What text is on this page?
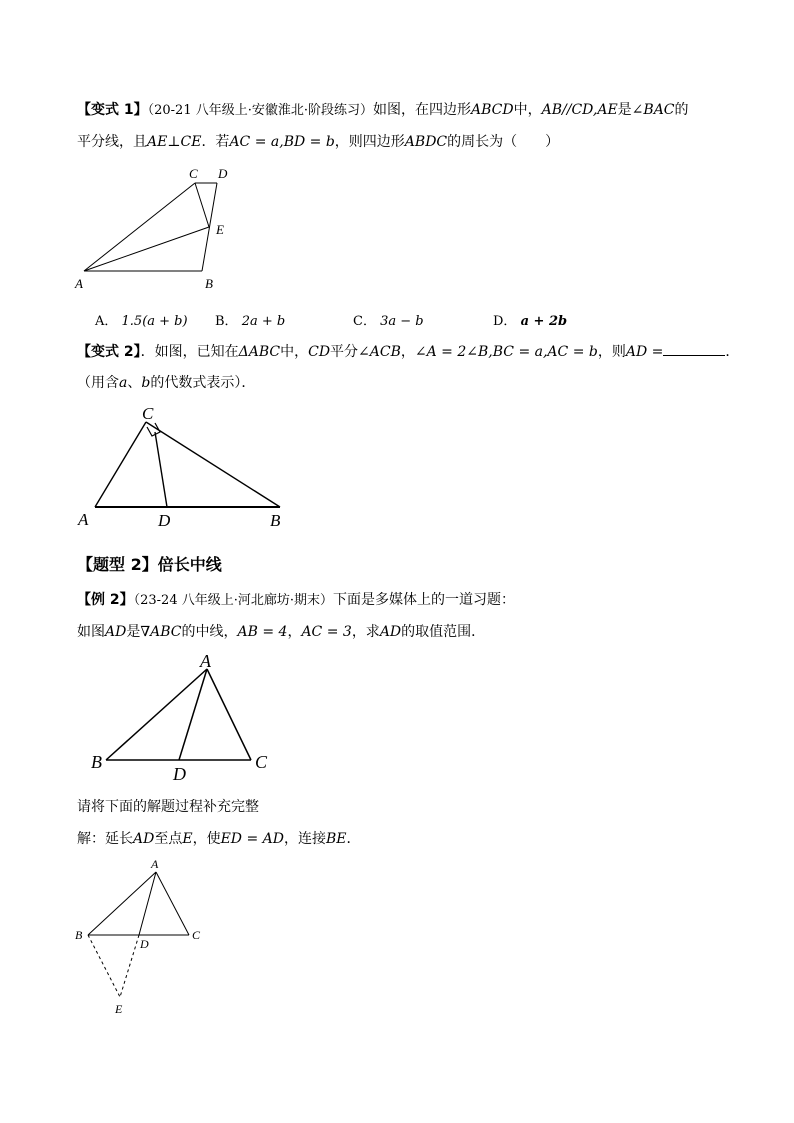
【变式 1】（20-21 八年级上·安徽淮北·阶段练习）如图，在四边形ABCD中，AB//CD,AE是∠BAC的
平分线，且AE⊥CE．若AC = a,BD = b，则四边形ABDC的周长为（　　）
C D
E
A	B
A． 1.5(a + b) B． 2a + b	C． 3a − b	D． a + 2b
【变式 2】．如图，已知在ΔABC中，CD平分∠ACB，∠A = 2∠B,BC = a,AC = b，则AD =	．
（用含a、b的代数式表示）．
C
A	D	B
【题型 2】倍长中线
【例 2】（23-24 八年级上·河北廊坊·期末）下面是多媒体上的一道习题：
如图AD是∇ABC的中线，AB = 4，AC = 3，求AD的取值范围．
A
B
D
C
请将下面的解题过程补充完整
解：延长AD至点E，使ED = AD，连接BE．
A
B
D
C
E
